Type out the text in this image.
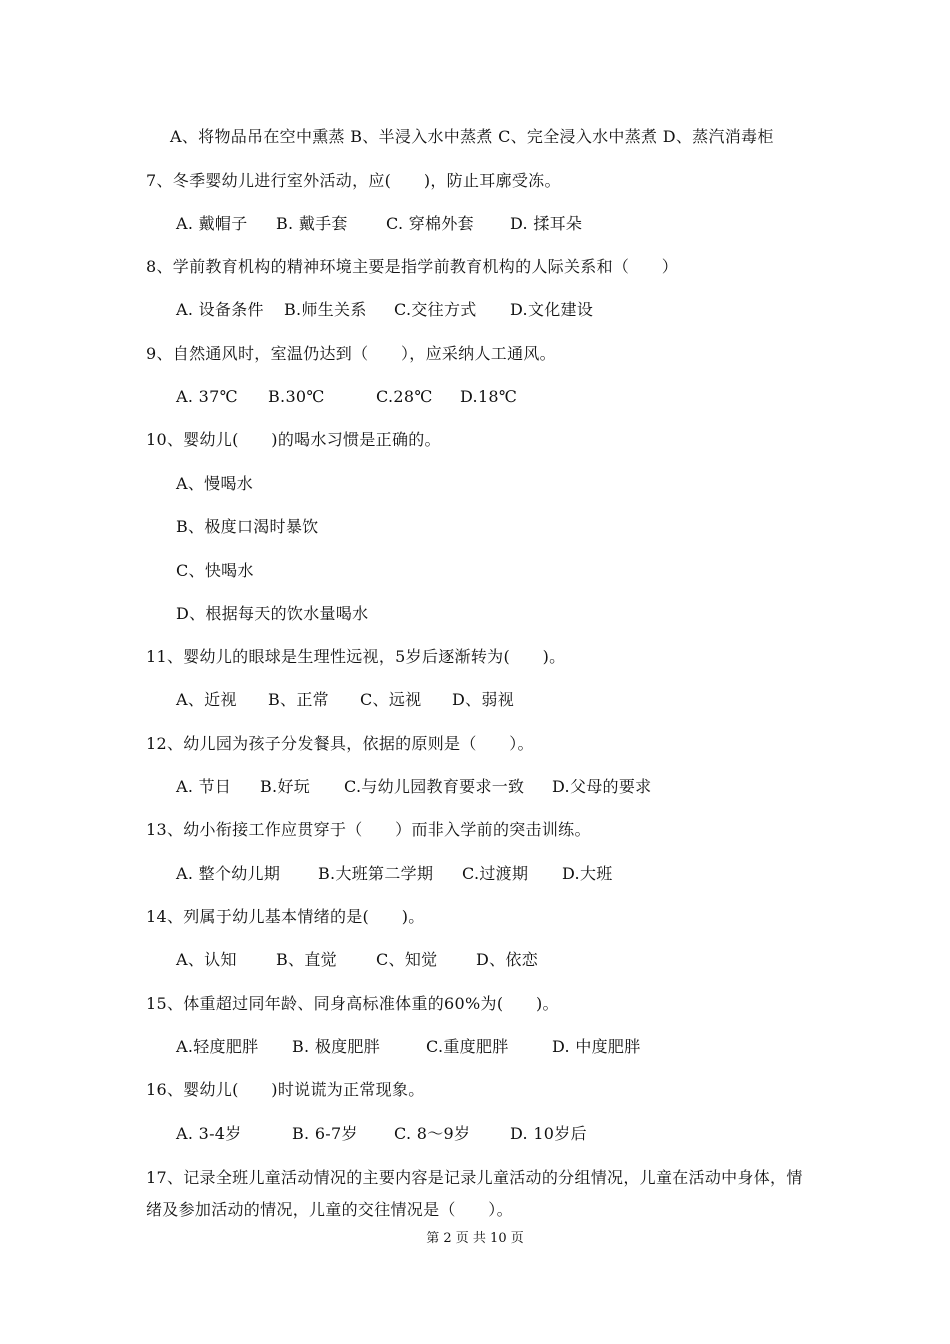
A、将物品吊在空中熏蒸 B、半浸入水中蒸煮 C、完全浸入水中蒸煮 D、蒸汽消毒柜
7、冬季婴幼儿进行室外活动，应(　　)，防止耳廓受冻。
A. 戴帽子 B. 戴手套 C. 穿棉外套 D. 揉耳朵
8、学前教育机构的精神环境主要是指学前教育机构的人际关系和（　　）
A. 设备条件 B.师生关系 C.交往方式 D.文化建设
9、自然通风时，室温仍达到（　　），应采纳人工通风。
A. 37℃ B.30℃	C.28℃ D.18℃
10、婴幼儿(　　)的喝水习惯是正确的。
A、慢喝水
B、极度口渴时暴饮
C、快喝水
D、根据每天的饮水量喝水
11、婴幼儿的眼球是生理性远视，5岁后逐渐转为(　　)。
A、近视 B、正常 C、远视 D、弱视
12、幼儿园为孩子分发餐具，依据的原则是（　　）。
A. 节日 B.好玩 C.与幼儿园教育要求一致 D.父母的要求
13、幼小衔接工作应贯穿于（　　）而非入学前的突击训练。
A. 整个幼儿期 B.大班第二学期 C.过渡期 D.大班
14、列属于幼儿基本情绪的是(　　)。
A、认知 B、直觉 C、知觉 D、依恋
15、体重超过同年龄、同身高标准体重的60%为(　　)。
A.轻度肥胖 B. 极度肥胖	C.重度肥胖	D. 中度肥胖
16、婴幼儿(　　)时说谎为正常现象。
A. 3-4岁	B. 6-7岁 C. 8～9岁 D. 10岁后
17、记录全班儿童活动情况的主要内容是记录儿童活动的分组情况，儿童在活动中身体，情绪及参加活动的情况，儿童的交往情况是（　　）。
第 2 页 共 10 页
